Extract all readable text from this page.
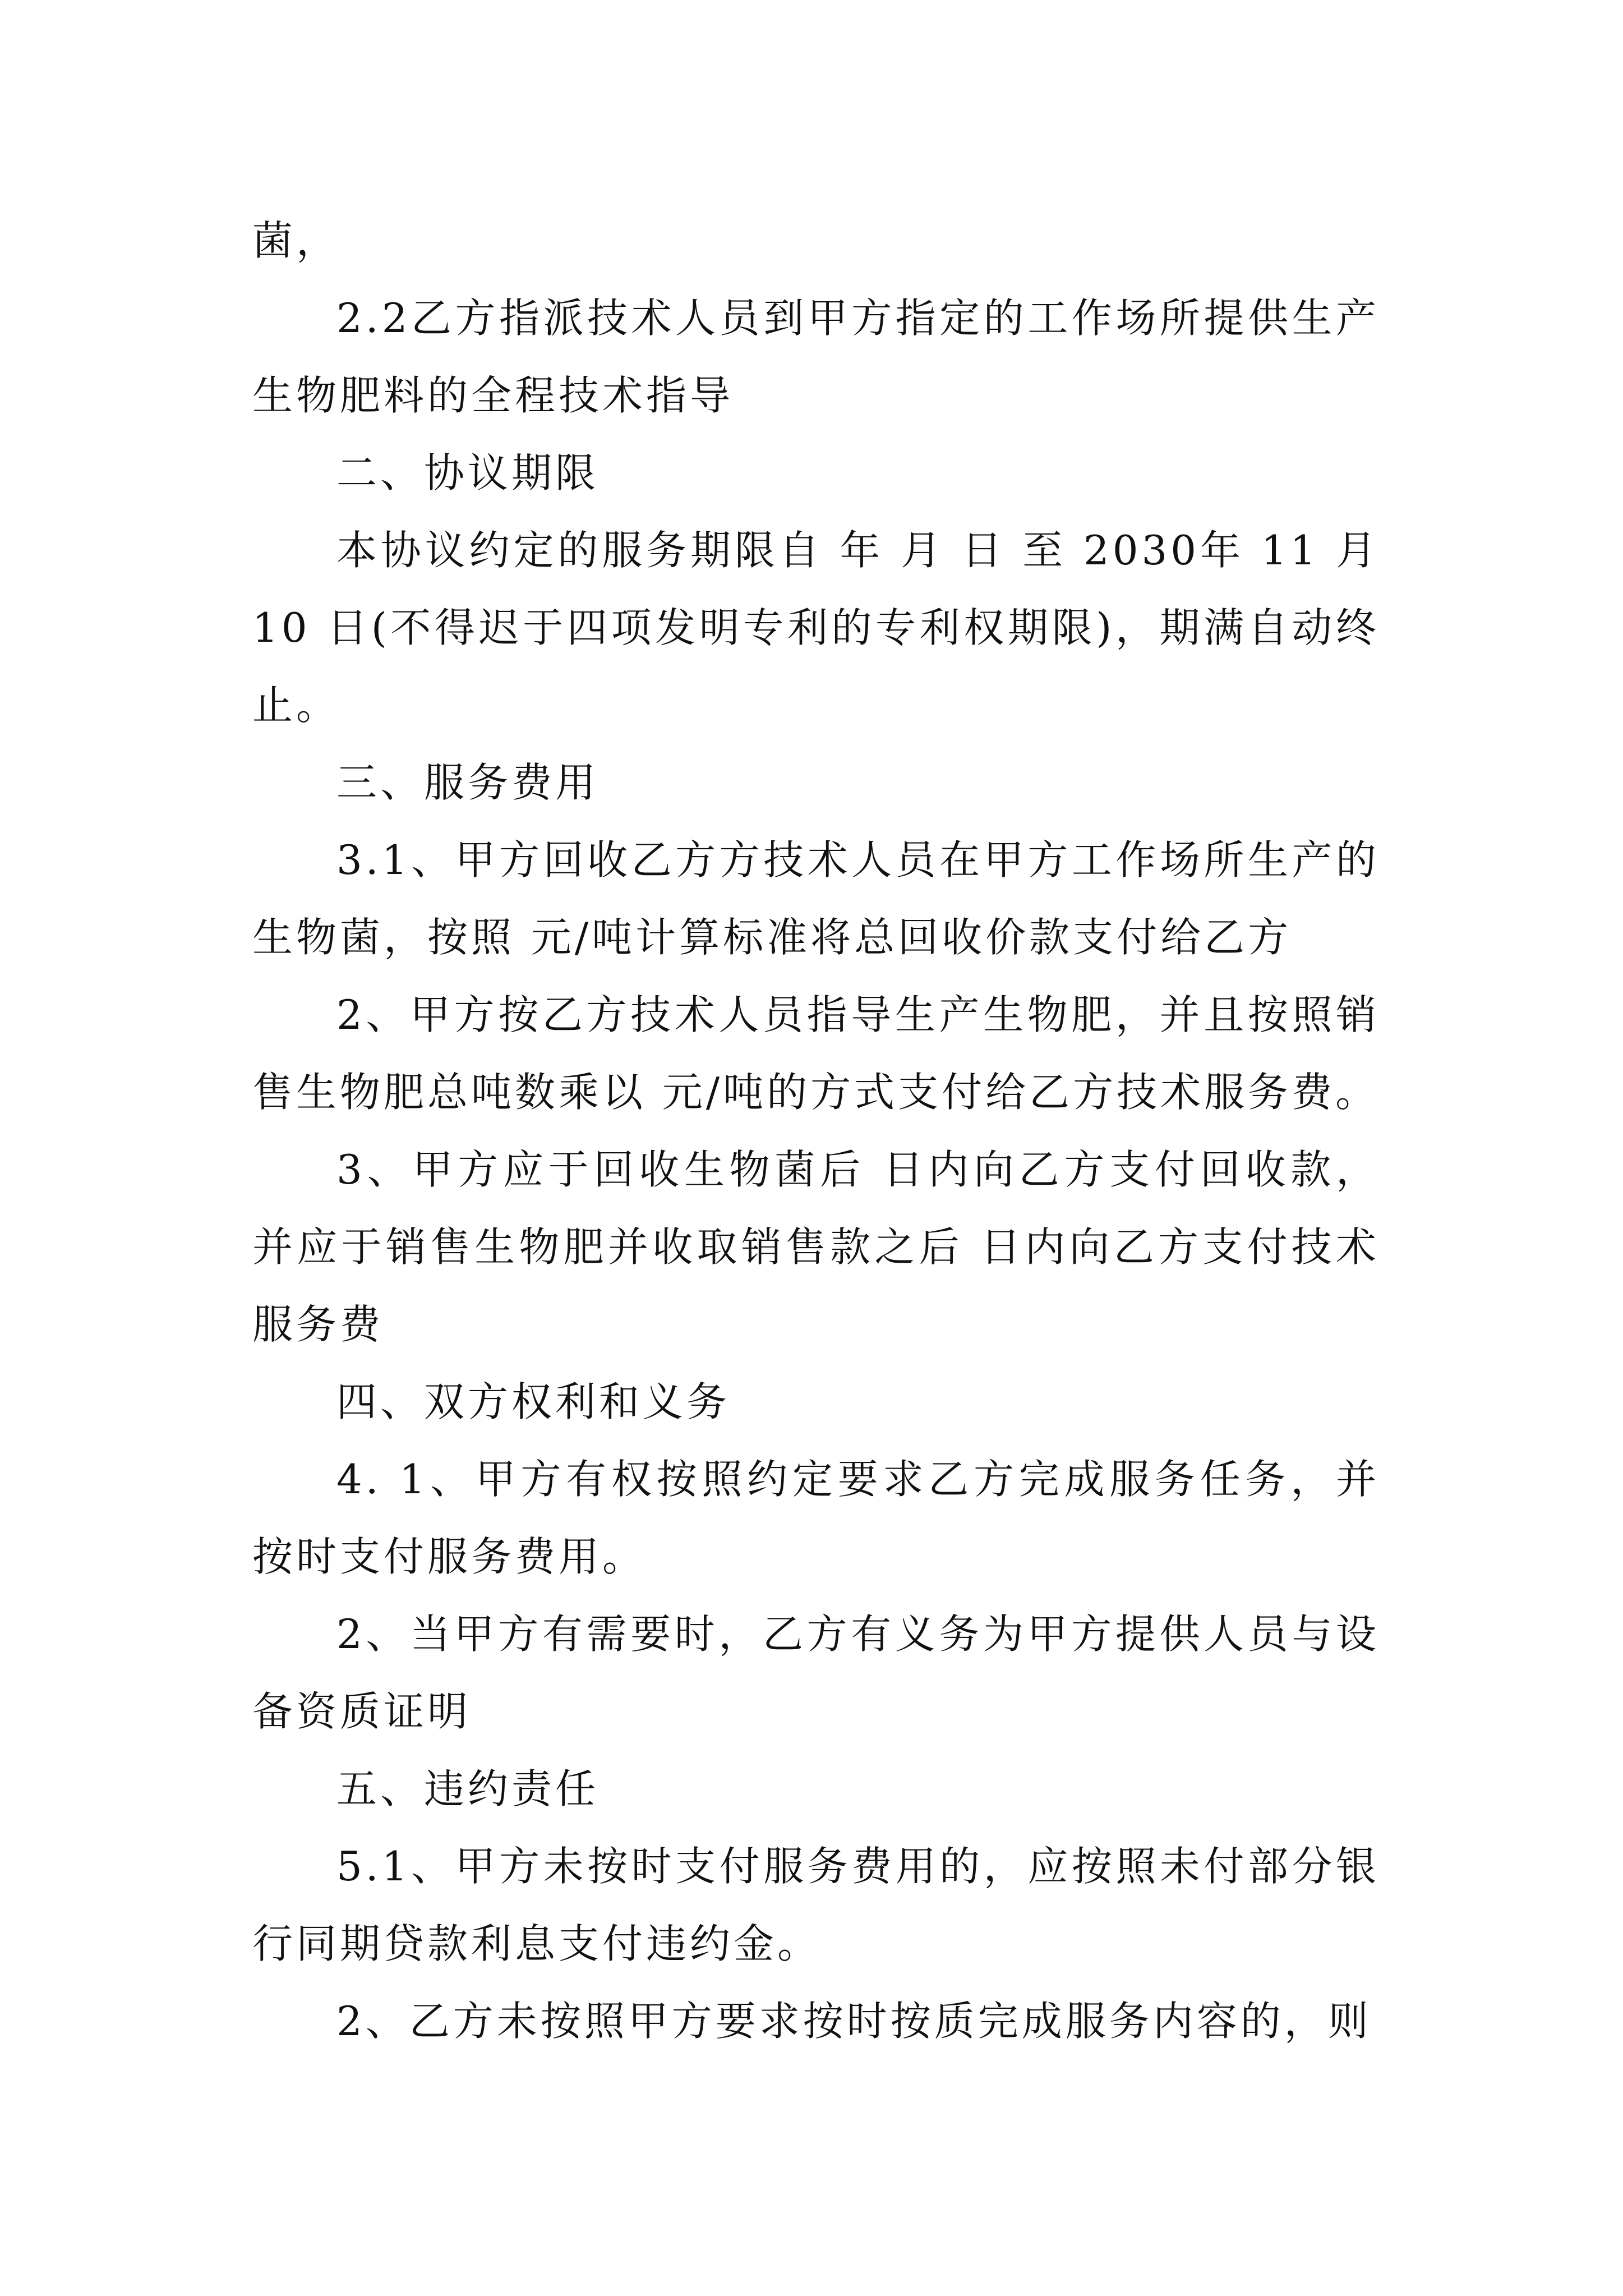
菌，

2.2乙方指派技术人员到甲方指定的工作场所提供生产生物肥料的全程技术指导

二、协议期限

本协议约定的服务期限自 年 月 日 至 2030年 11 月 10 日(不得迟于四项发明专利的专利权期限)，期满自动终止。

三、服务费用

3.1、甲方回收乙方方技术人员在甲方工作场所生产的生物菌，按照 元/吨计算标准将总回收价款支付给乙方

2、甲方按乙方技术人员指导生产生物肥，并且按照销售生物肥总吨数乘以 元/吨的方式支付给乙方技术服务费。

3、甲方应于回收生物菌后 日内向乙方支付回收款，并应于销售生物肥并收取销售款之后 日内向乙方支付技术服务费

四、双方权利和义务

4. 1、甲方有权按照约定要求乙方完成服务任务，并按时支付服务费用。

2、当甲方有需要时，乙方有义务为甲方提供人员与设备资质证明

五、违约责任

5.1、甲方未按时支付服务费用的，应按照未付部分银行同期贷款利息支付违约金。

2、乙方未按照甲方要求按时按质完成服务内容的，则
